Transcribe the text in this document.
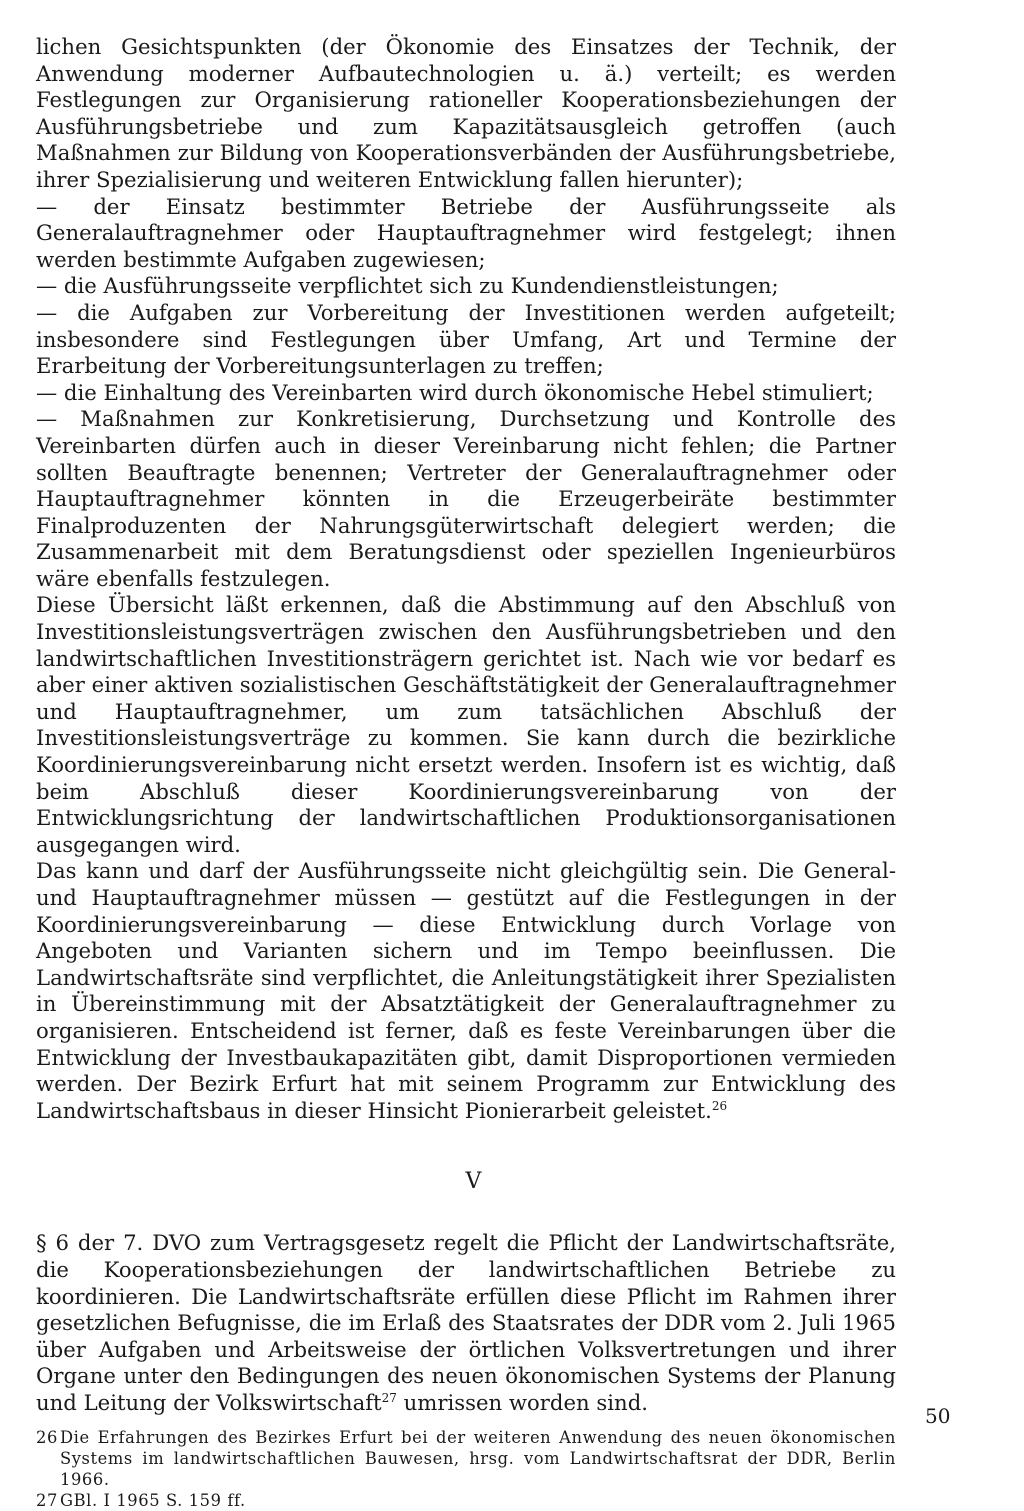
lichen Gesichtspunkten (der Ökonomie des Einsatzes der Technik, der Anwendung moderner Aufbautechnologien u. ä.) verteilt; es werden Festlegungen zur Organisierung rationeller Kooperationsbeziehungen der Ausführungsbetriebe und zum Kapazitätsausgleich getroffen (auch Maßnahmen zur Bildung von Kooperationsverbänden der Ausführungsbetriebe, ihrer Spezialisierung und weiteren Entwicklung fallen hierunter);

— der Einsatz bestimmter Betriebe der Ausführungsseite als Generalauftragnehmer oder Hauptauftragnehmer wird festgelegt; ihnen werden bestimmte Aufgaben zugewiesen;

— die Ausführungsseite verpflichtet sich zu Kundendienstleistungen;

— die Aufgaben zur Vorbereitung der Investitionen werden aufgeteilt; insbesondere sind Festlegungen über Umfang, Art und Termine der Erarbeitung der Vorbereitungsunterlagen zu treffen;

— die Einhaltung des Vereinbarten wird durch ökonomische Hebel stimuliert;

— Maßnahmen zur Konkretisierung, Durchsetzung und Kontrolle des Vereinbarten dürfen auch in dieser Vereinbarung nicht fehlen; die Partner sollten Beauftragte benennen; Vertreter der Generalauftragnehmer oder Hauptauftragnehmer könnten in die Erzeugerbeiräte bestimmter Finalproduzenten der Nahrungsgüterwirtschaft delegiert werden; die Zusammenarbeit mit dem Beratungsdienst oder speziellen Ingenieurbüros wäre ebenfalls festzulegen.

Diese Übersicht läßt erkennen, daß die Abstimmung auf den Abschluß von Investitionsleistungsverträgen zwischen den Ausführungsbetrieben und den landwirtschaftlichen Investitionsträgern gerichtet ist. Nach wie vor bedarf es aber einer aktiven sozialistischen Geschäftstätigkeit der Generalauftragnehmer und Hauptauftragnehmer, um zum tatsächlichen Abschluß der Investitionsleistungsverträge zu kommen. Sie kann durch die bezirkliche Koordinierungsvereinbarung nicht ersetzt werden. Insofern ist es wichtig, daß beim Abschluß dieser Koordinierungsvereinbarung von der Entwicklungsrichtung der landwirtschaftlichen Produktionsorganisationen ausgegangen wird.

Das kann und darf der Ausführungsseite nicht gleichgültig sein. Die General- und Hauptauftragnehmer müssen — gestützt auf die Festlegungen in der Koordinierungsvereinbarung — diese Entwicklung durch Vorlage von Angeboten und Varianten sichern und im Tempo beeinflussen. Die Landwirtschaftsräte sind verpflichtet, die Anleitungstätigkeit ihrer Spezialisten in Übereinstimmung mit der Absatztätigkeit der Generalauftragnehmer zu organisieren. Entscheidend ist ferner, daß es feste Vereinbarungen über die Entwicklung der Investbaukapazitäten gibt, damit Disproportionen vermieden werden. Der Bezirk Erfurt hat mit seinem Programm zur Entwicklung des Landwirtschaftsbaus in dieser Hinsicht Pionierarbeit geleistet.$^{26}$

V

§ 6 der 7. DVO zum Vertragsgesetz regelt die Pflicht der Landwirtschaftsräte, die Kooperationsbeziehungen der landwirtschaftlichen Betriebe zu koordinieren. Die Landwirtschaftsräte erfüllen diese Pflicht im Rahmen ihrer gesetzlichen Befugnisse, die im Erlaß des Staatsrates der DDR vom 2. Juli 1965 über Aufgaben und Arbeitsweise der örtlichen Volksvertretungen und ihrer Organe unter den Bedingungen des neuen ökonomischen Systems der Planung und Leitung der Volkswirtschaft$^{27}$ umrissen worden sind.

26 Die Erfahrungen des Bezirkes Erfurt bei der weiteren Anwendung des neuen ökonomischen Systems im landwirtschaftlichen Bauwesen, hrsg. vom Landwirtschaftsrat der DDR, Berlin 1966.

27 GBl. I 1965 S. 159 ff.

50
